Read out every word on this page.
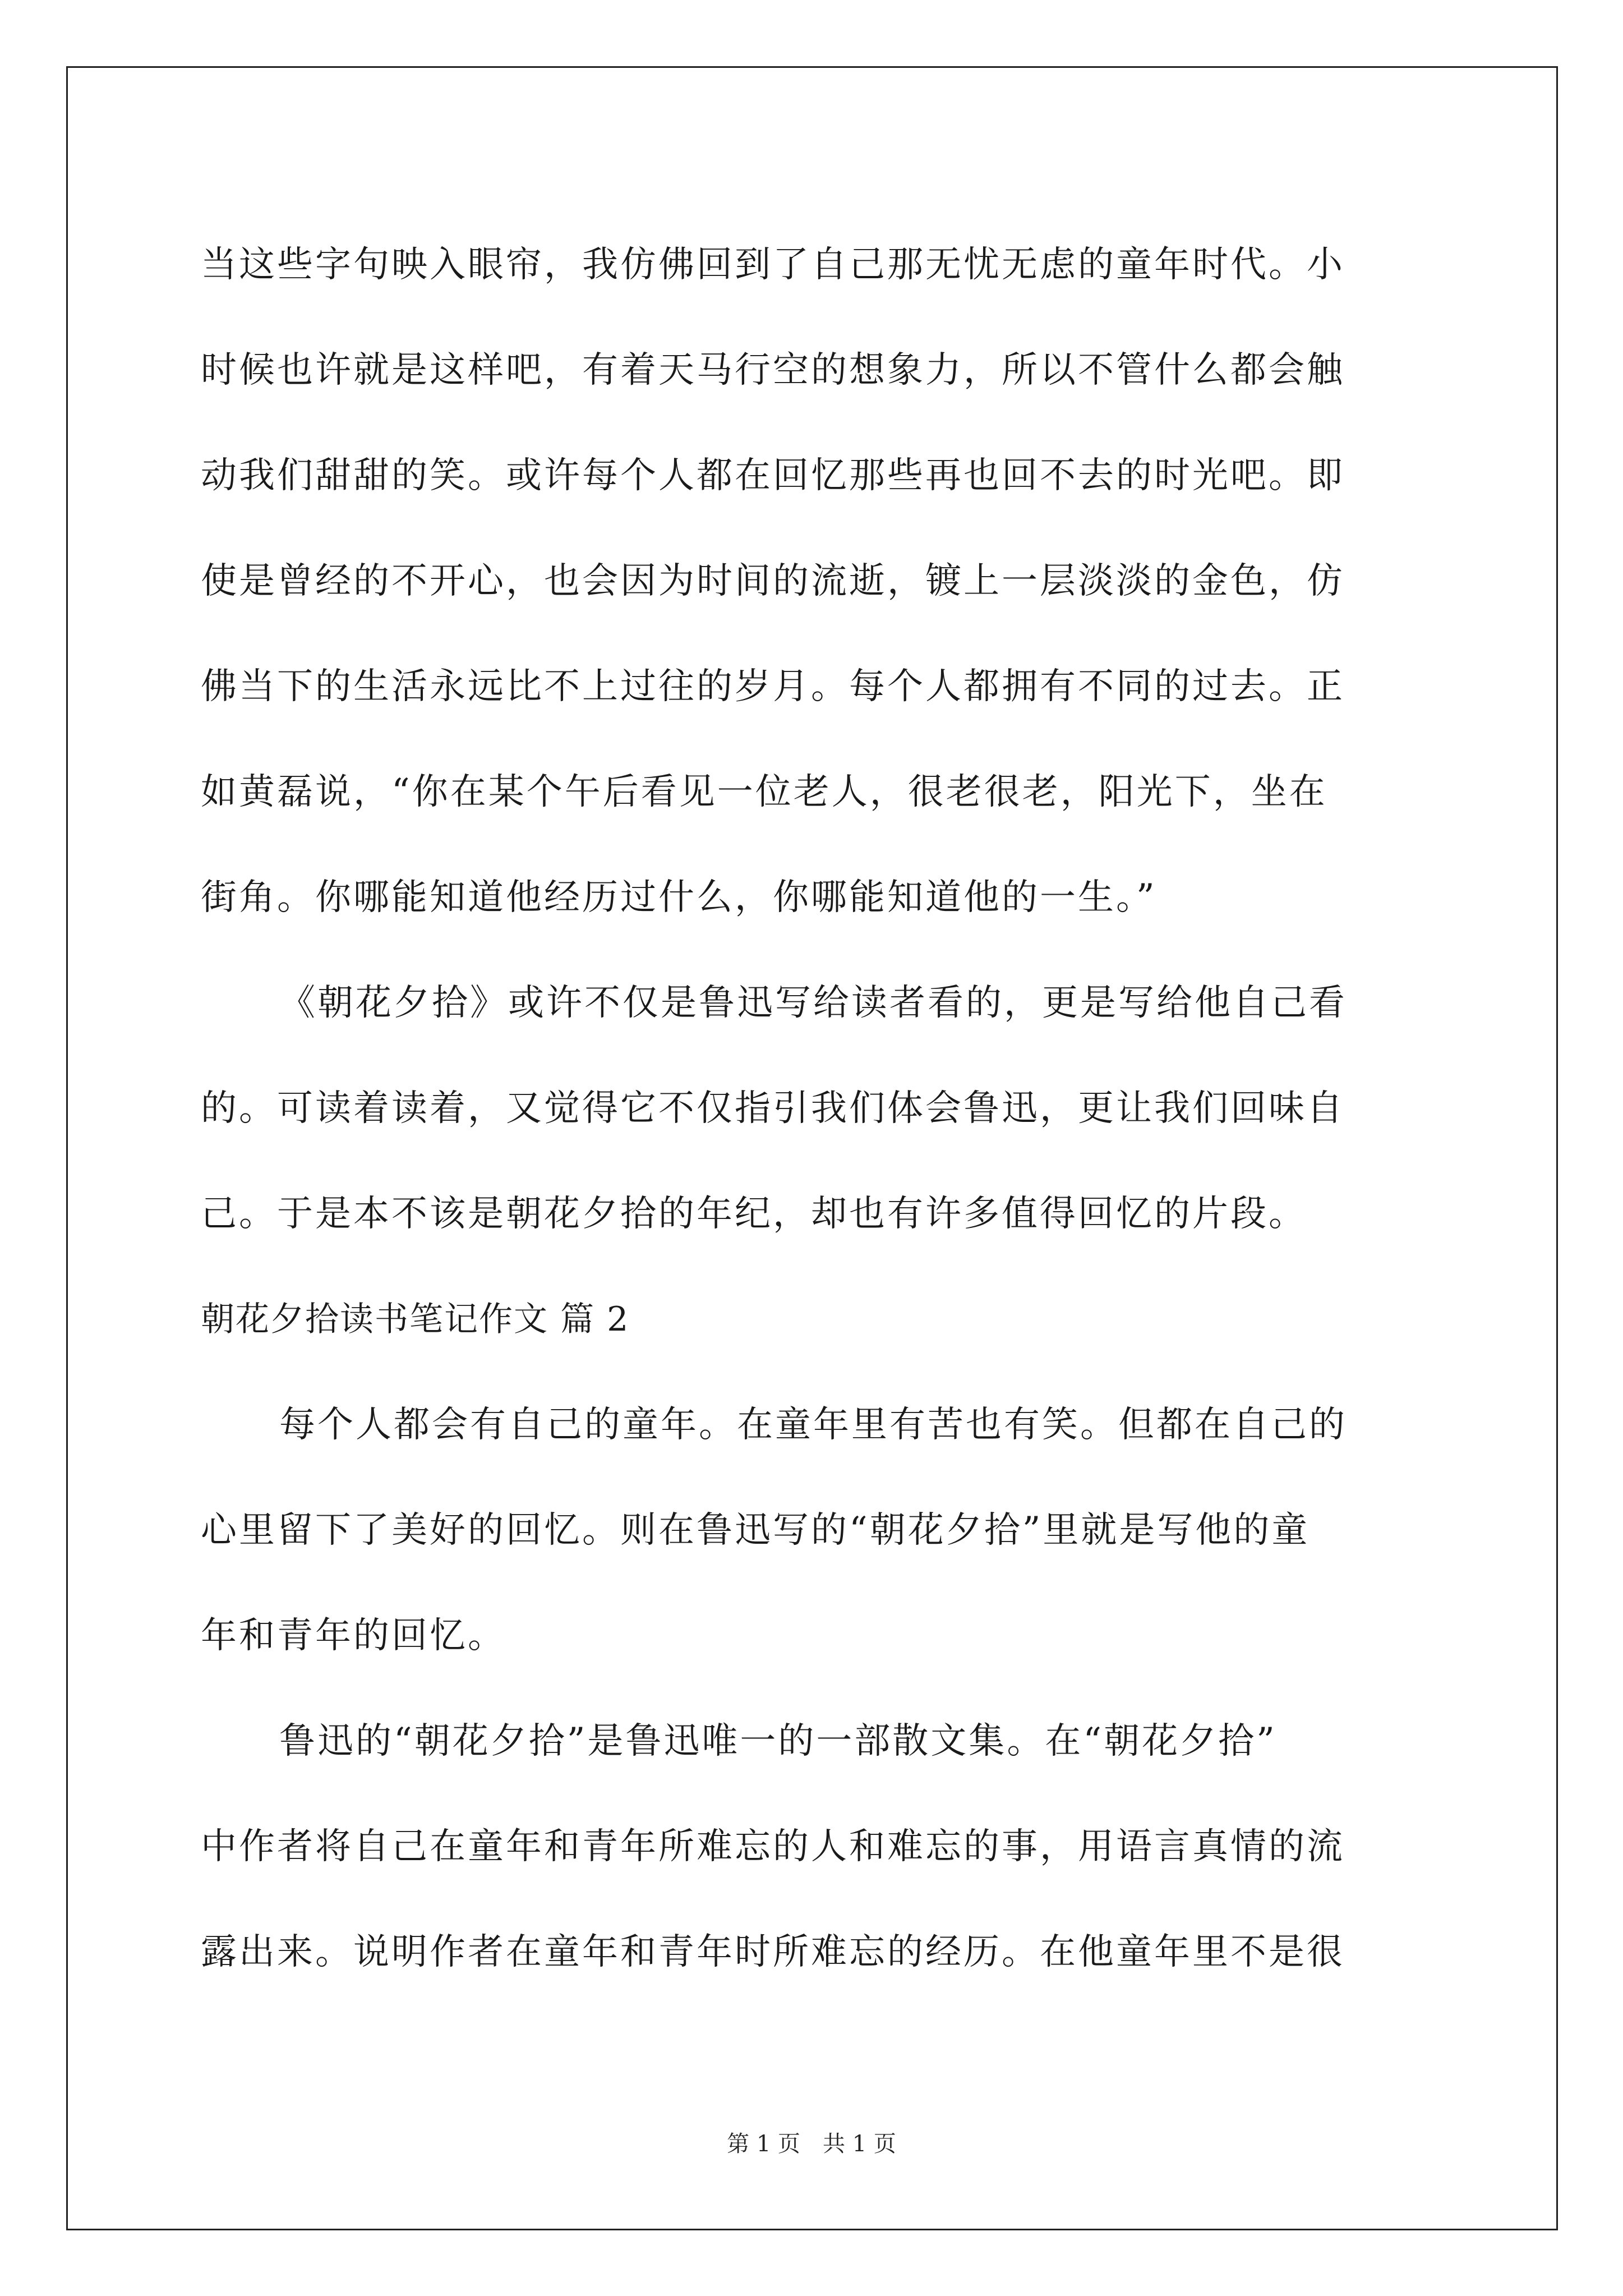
当这些字句映入眼帘，我仿佛回到了自己那无忧无虑的童年时代。小
时候也许就是这样吧，有着天马行空的想象力，所以不管什么都会触
动我们甜甜的笑。或许每个人都在回忆那些再也回不去的时光吧。即
使是曾经的不开心，也会因为时间的流逝，镀上一层淡淡的金色，仿
佛当下的生活永远比不上过往的岁月。每个人都拥有不同的过去。正
如黄磊说，“你在某个午后看见一位老人，很老很老，阳光下，坐在
街角。你哪能知道他经历过什么，你哪能知道他的一生。”
《朝花夕拾》或许不仅是鲁迅写给读者看的，更是写给他自己看
的。可读着读着，又觉得它不仅指引我们体会鲁迅，更让我们回味自
己。于是本不该是朝花夕拾的年纪，却也有许多值得回忆的片段。
朝花夕拾读书笔记作文 篇 2
每个人都会有自己的童年。在童年里有苦也有笑。但都在自己的
心里留下了美好的回忆。则在鲁迅写的“朝花夕拾”里就是写他的童
年和青年的回忆。
鲁迅的“朝花夕拾”是鲁迅唯一的一部散文集。在“朝花夕拾”
中作者将自己在童年和青年所难忘的人和难忘的事，用语言真情的流
露出来。说明作者在童年和青年时所难忘的经历。在他童年里不是很
第 1 页　共 1 页
